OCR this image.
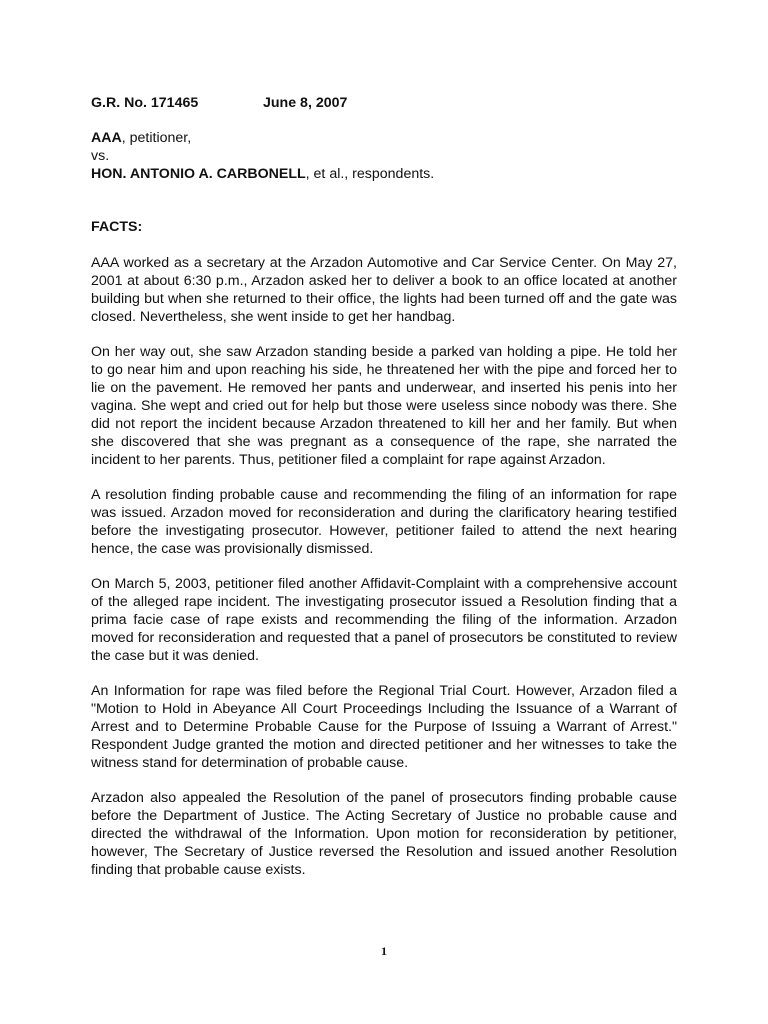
G.R. No. 171465	June 8, 2007
AAA, petitioner,
vs.
HON. ANTONIO A. CARBONELL, et al., respondents.
FACTS:

AAA worked as a secretary at the Arzadon Automotive and Car Service Center. On May 27, 2001 at about 6:30 p.m., Arzadon asked her to deliver a book to an office located at another building but when she returned to their office, the lights had been turned off and the gate was closed. Nevertheless, she went inside to get her handbag.

On her way out, she saw Arzadon standing beside a parked van holding a pipe. He told her to go near him and upon reaching his side, he threatened her with the pipe and forced her to lie on the pavement. He removed her pants and underwear, and inserted his penis into her vagina. She wept and cried out for help but those were useless since nobody was there. She did not report the incident because Arzadon threatened to kill her and her family. But when she discovered that she was pregnant as a consequence of the rape, she narrated the incident to her parents. Thus, petitioner filed a complaint for rape against Arzadon.

A resolution finding probable cause and recommending the filing of an information for rape was issued. Arzadon moved for reconsideration and during the clarificatory hearing testified before the investigating prosecutor. However, petitioner failed to attend the next hearing hence, the case was provisionally dismissed.

On March 5, 2003, petitioner filed another Affidavit-Complaint with a comprehensive account of the alleged rape incident. The investigating prosecutor issued a Resolution finding that a prima facie case of rape exists and recommending the filing of the information. Arzadon moved for reconsideration and requested that a panel of prosecutors be constituted to review the case but it was denied.

An Information for rape was filed before the Regional Trial Court. However, Arzadon filed a "Motion to Hold in Abeyance All Court Proceedings Including the Issuance of a Warrant of Arrest and to Determine Probable Cause for the Purpose of Issuing a Warrant of Arrest." Respondent Judge granted the motion and directed petitioner and her witnesses to take the witness stand for determination of probable cause.

Arzadon also appealed the Resolution of the panel of prosecutors finding probable cause before the Department of Justice. The Acting Secretary of Justice no probable cause and directed the withdrawal of the Information. Upon motion for reconsideration by petitioner, however, The Secretary of Justice reversed the Resolution and issued another Resolution finding that probable cause exists.

1
